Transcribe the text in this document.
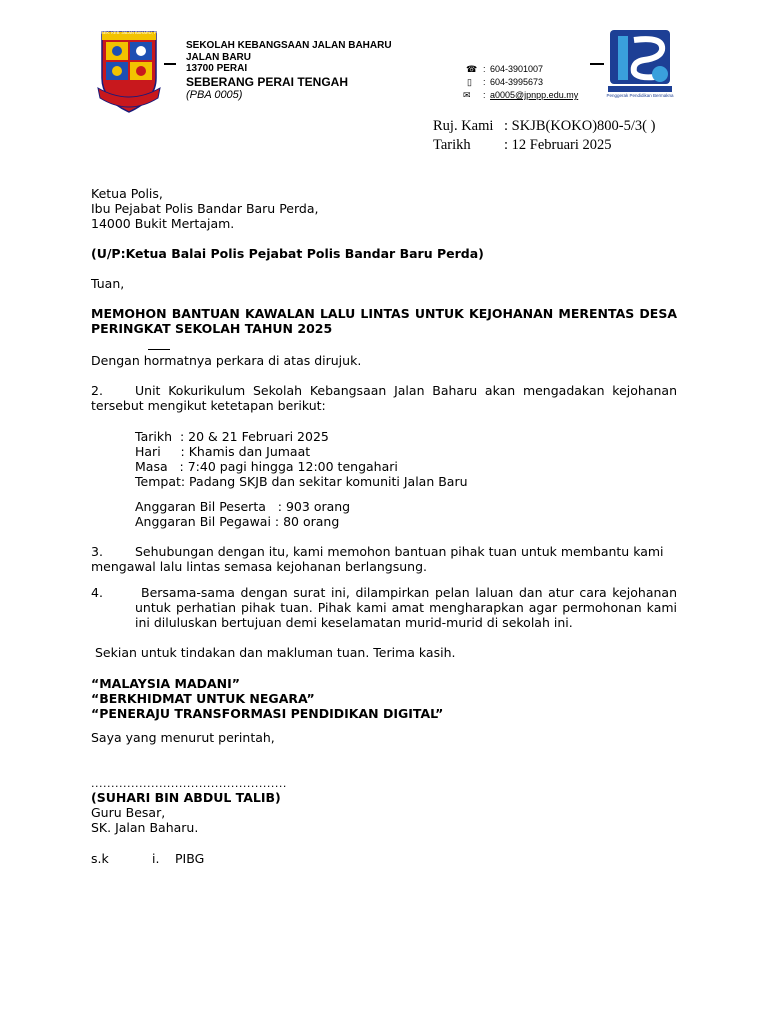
SEK. KEB. JALAN BAHARU, PERAI
SEKOLAH KEBANGSAAN JALAN BAHARU
JALAN BARU
13700 PERAI
SEBERANG PERAI TENGAH
(PBA 0005)
☎ : 604-3901007
▯ : 604-3995673
✉ : a0005@jpnpp.edu.my	Penggerak Pendidikan Bermakna
Ruj. Kami : SKJB(KOKO)800-5/3( )
Tarikh : 12 Februari 2025
Ketua Polis,
Ibu Pejabat Polis Bandar Baru Perda,
14000 Bukit Mertajam.
(U/P:Ketua Balai Polis Pejabat Polis Bandar Baru Perda)
Tuan,
MEMOHON BANTUAN KAWALAN LALU LINTAS UNTUK KEJOHANAN MERENTAS DESA
PERINGKAT SEKOLAH TAHUN 2025
Dengan hormatnya perkara di atas dirujuk.
2.	Unit Kokurikulum Sekolah Kebangsaan Jalan Baharu akan mengadakan kejohanan tersebut mengikut ketetapan berikut:
Tarikh  : 20 & 21 Februari 2025
Hari     : Khamis dan Jumaat
Masa   : 7:40 pagi hingga 12:00 tengahari
Tempat: Padang SKJB dan sekitar komuniti Jalan Baru
Anggaran Bil Peserta   : 903 orang
Anggaran Bil Pegawai : 80 orang
3.	Sehubungan dengan itu, kami memohon bantuan pihak tuan untuk membantu kami
mengawal lalu lintas semasa kejohanan berlangsung.
4.	Bersama-sama dengan surat ini, dilampirkan pelan laluan dan atur cara kejohanan untuk perhatian pihak tuan. Pihak kami amat mengharapkan agar permohonan kami ini diluluskan bertujuan demi keselamatan murid-murid di sekolah ini.
Sekian untuk tindakan dan makluman tuan. Terima kasih.
“MALAYSIA MADANI”
“BERKHIDMAT UNTUK NEGARA”
“PENERAJU TRANSFORMASI PENDIDIKAN DIGITAL”
Saya yang menurut perintah,
.................................................
(SUHARI BIN ABDUL TALIB)
Guru Besar,
SK. Jalan Baharu.
s.k	i. PIBG
